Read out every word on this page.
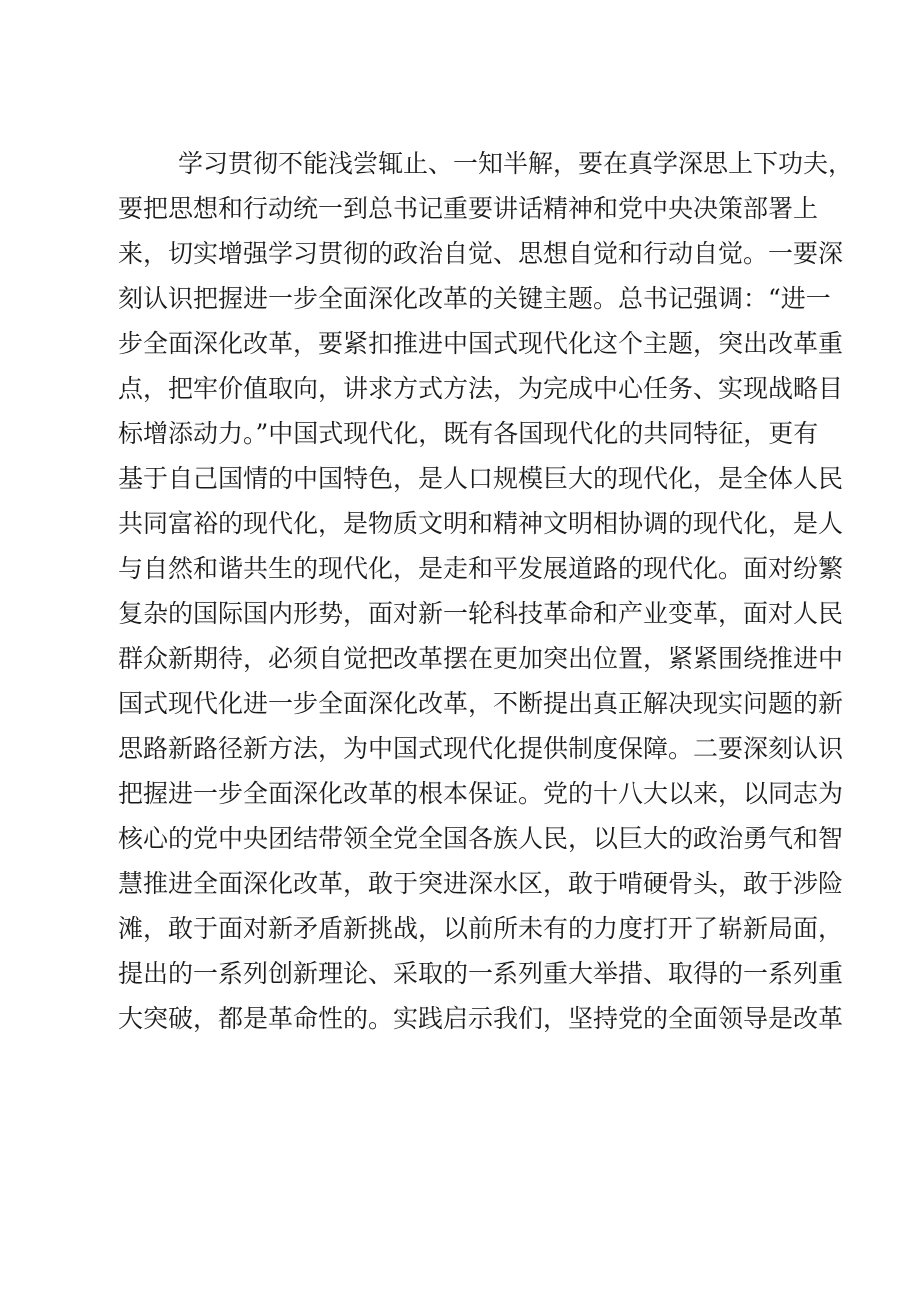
学习贯彻不能浅尝辄止、一知半解，要在真学深思上下功夫，
要把思想和行动统一到总书记重要讲话精神和党中央决策部署上
来，切实增强学习贯彻的政治自觉、思想自觉和行动自觉。一要深
刻认识把握进一步全面深化改革的关键主题。总书记强调：“进一
步全面深化改革，要紧扣推进中国式现代化这个主题，突出改革重
点，把牢价值取向，讲求方式方法，为完成中心任务、实现战略目
标增添动力。”中国式现代化，既有各国现代化的共同特征，更有
基于自己国情的中国特色，是人口规模巨大的现代化，是全体人民
共同富裕的现代化，是物质文明和精神文明相协调的现代化，是人
与自然和谐共生的现代化，是走和平发展道路的现代化。面对纷繁
复杂的国际国内形势，面对新一轮科技革命和产业变革，面对人民
群众新期待，必须自觉把改革摆在更加突出位置，紧紧围绕推进中
国式现代化进一步全面深化改革，不断提出真正解决现实问题的新
思路新路径新方法，为中国式现代化提供制度保障。二要深刻认识
把握进一步全面深化改革的根本保证。党的十八大以来，以同志为
核心的党中央团结带领全党全国各族人民，以巨大的政治勇气和智
慧推进全面深化改革，敢于突进深水区，敢于啃硬骨头，敢于涉险
滩，敢于面对新矛盾新挑战，以前所未有的力度打开了崭新局面，
提出的一系列创新理论、采取的一系列重大举措、取得的一系列重
大突破，都是革命性的。实践启示我们，坚持党的全面领导是改革
